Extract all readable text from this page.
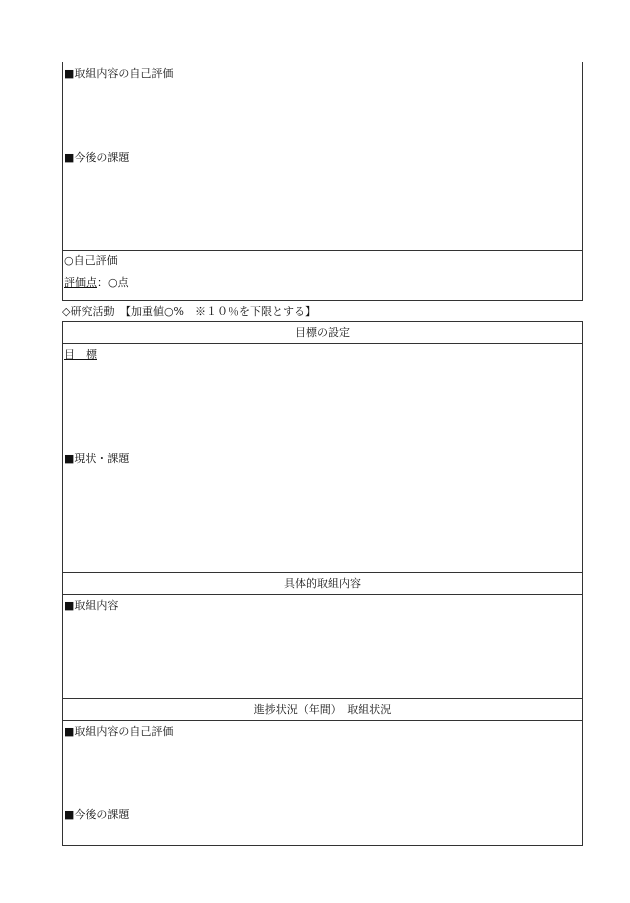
■取組内容の自己評価
■今後の課題
○自己評価
評価点：○点
◇研究活動　【加重値○%　※１０％を下限とする】
目標の設定
目　標
■現状・課題
具体的取組内容
■取組内容
進捗状況（年間）　取組状況
■取組内容の自己評価
■今後の課題
